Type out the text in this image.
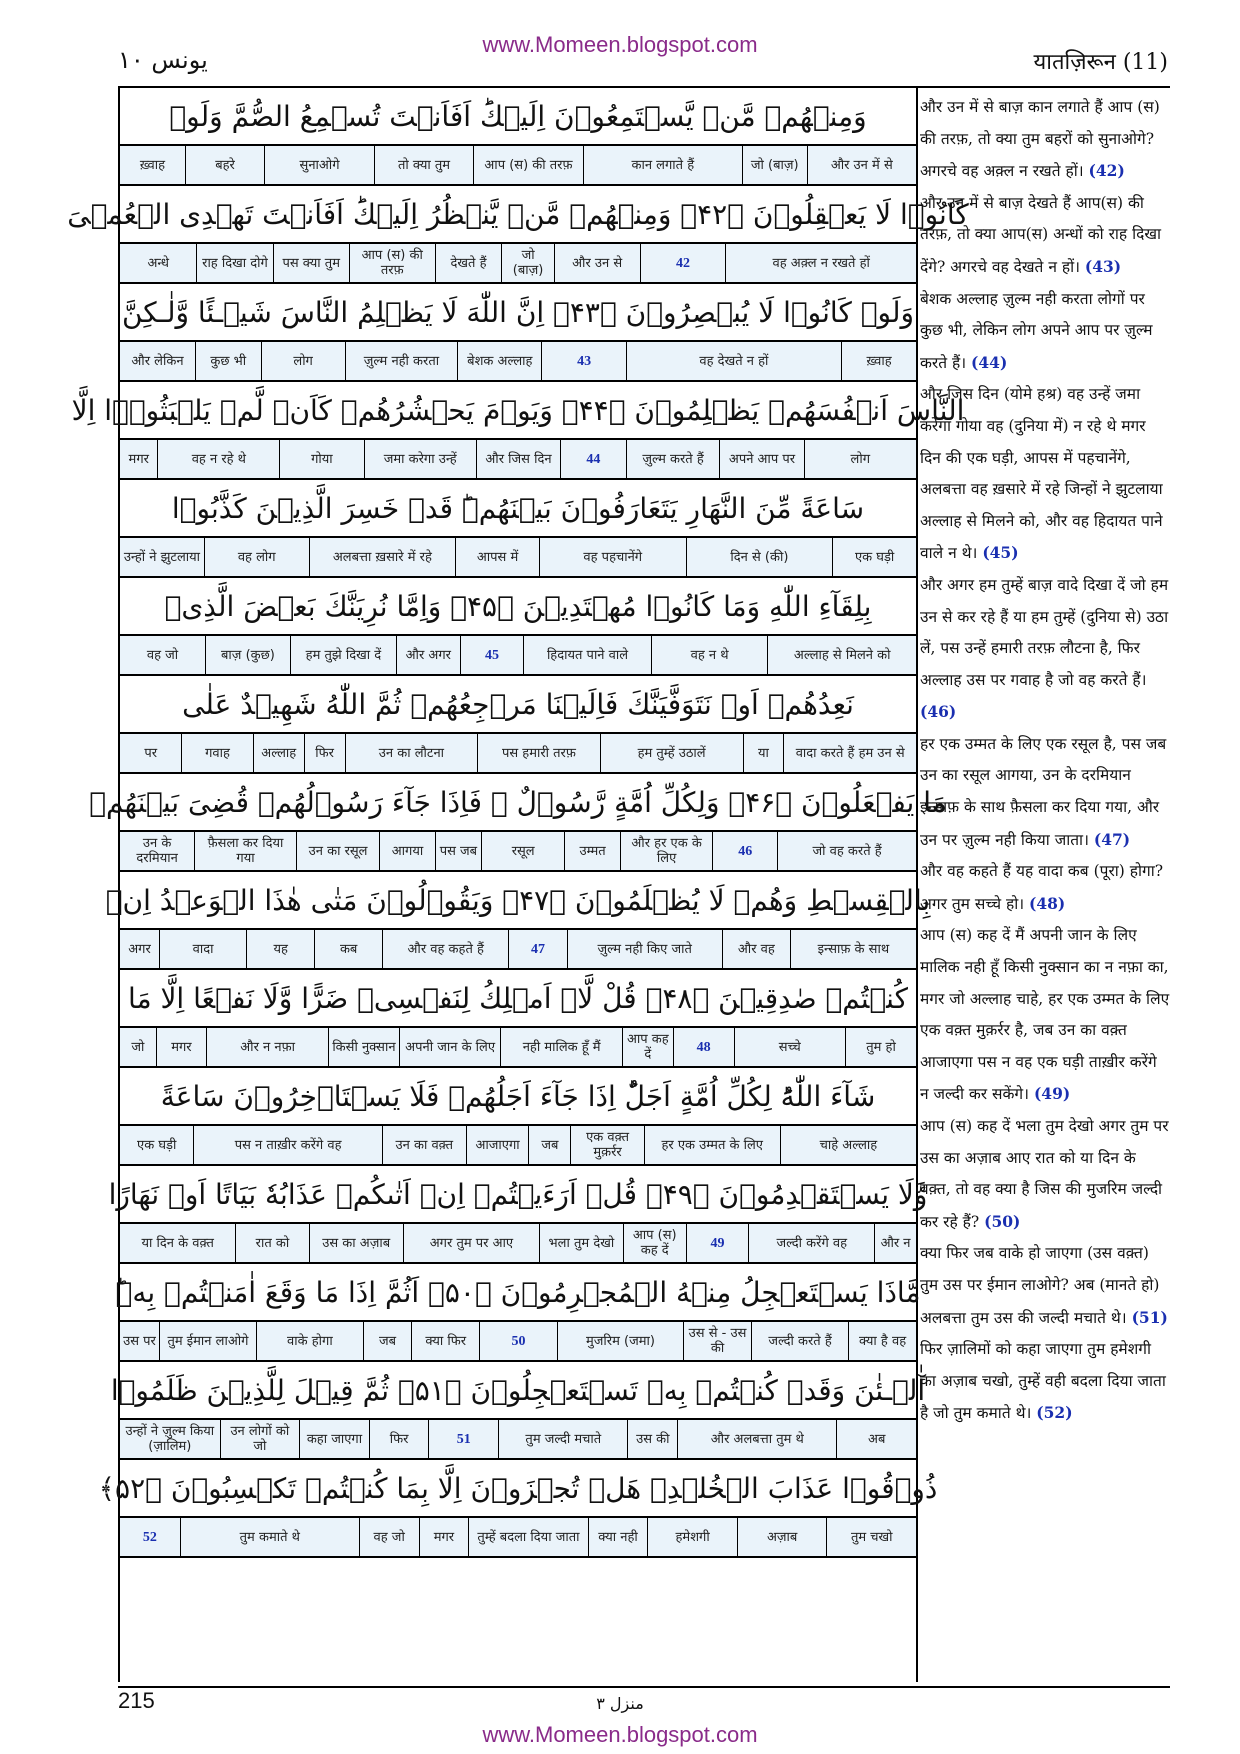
www.Momeen.blogspot.com
يونس ١٠	यातज़िरून (11)
وَمِنۡهُمۡ مَّنۡ يَّسۡتَمِعُوۡنَ اِلَيۡكَ‌ؕ اَفَاَنۡتَ تُسۡمِعُ الصُّمَّ وَلَوۡ
और उन में से
जो (बाज़)
कान लगाते हैं
आप (स) की तरफ़
तो क्या तुम
सुनाओगे
बहरे
ख़्वाह
كَانُوۡا لَا يَعۡقِلُوۡنَ ﴿۴۲﴾ وَمِنۡهُمۡ مَّنۡ يَّنۡظُرُ اِلَيۡكَ‌ؕ اَفَاَنۡتَ تَهۡدِى الۡعُمۡىَ
वह अक़्ल न रखते हों
42
और उन से
जो (बाज़)
देखते हैं
आप (स) की तरफ़
पस क्या तुम
राह दिखा दोगे
अन्धे
وَلَوۡ كَانُوۡا لَا يُبۡصِرُوۡنَ ﴿۴۳﴾ اِنَّ اللّٰهَ لَا يَظۡلِمُ النَّاسَ شَيۡـئًا وَّلٰـكِنَّ
ख़्वाह
वह देखते न हों
43
बेशक अल्लाह
ज़ुल्म नही करता
लोग
कुछ भी
और लेकिन
النَّاسَ اَنۡفُسَهُمۡ يَظۡلِمُوۡنَ ﴿۴۴﴾ وَيَوۡمَ يَحۡشُرُهُمۡ كَاَنۡ لَّمۡ يَلۡبَثُوۡۤا اِلَّا
लोग
अपने आप पर
ज़ुल्म करते हैं
44
और जिस दिन
जमा करेगा उन्हें
गोया
वह न रहे थे
मगर
سَاعَةً مِّنَ النَّهَارِ يَتَعَارَفُوۡنَ بَيۡنَهُمۡ‌ؕ قَدۡ خَسِرَ الَّذِيۡنَ كَذَّبُوۡا
एक घड़ी
दिन से (की)
वह पहचानेंगे
आपस में
अलबत्ता ख़सारे में रहे
वह लोग
उन्हों ने झुटलाया
بِلِقَآءِ اللّٰهِ وَمَا كَانُوۡا مُهۡتَدِيۡنَ ﴿۴۵﴾ وَاِمَّا نُرِيَنَّكَ بَعۡضَ الَّذِىۡ
अल्लाह से मिलने को
वह न थे
हिदायत पाने वाले
45
और अगर
हम तुझे दिखा दें
बाज़ (कुछ)
वह जो
نَعِدُهُمۡ اَوۡ نَتَوَفَّيَنَّكَ فَاِلَيۡنَا مَرۡجِعُهُمۡ ثُمَّ اللّٰهُ شَهِيۡدٌ عَلٰى
वादा करते हैं हम उन से
या
हम तुम्हें उठालें
पस हमारी तरफ़
उन का लौटना
फिर
अल्लाह
गवाह
पर
مَا يَفۡعَلُوۡنَ ﴿۴۶﴾ وَلِكُلِّ اُمَّةٍ رَّسُوۡلٌ‌ ۚ فَاِذَا جَآءَ رَسُوۡلُهُمۡ قُضِىَ بَيۡنَهُمۡ
जो वह करते हैं
46
और हर एक के लिए
उम्मत
रसूल
पस जब
आगया
उन का रसूल
फ़ैसला कर दिया गया
उन के दरमियान
بِالۡقِسۡطِ وَهُمۡ لَا يُظۡلَمُوۡنَ ﴿۴۷﴾ وَيَقُوۡلُوۡنَ مَتٰى هٰذَا الۡوَعۡدُ اِنۡ
इन्साफ़ के साथ
और वह
ज़ुल्म नही किए जाते
47
और वह कहते हैं
कब
यह
वादा
अगर
كُنۡتُمۡ صٰدِقِيۡنَ ﴿۴۸﴾ قُلْ لَّاۤ اَمۡلِكُ لِنَفۡسِىۡ ضَرًّا وَّلَا نَفۡعًا اِلَّا مَا
तुम हो
सच्चे
48
आप कह दें
नही मालिक हूँ मैं
अपनी जान के लिए
किसी नुक्सान
और न नफ़ा
मगर
जो
شَآءَ اللّٰهُ‌ؕ لِكُلِّ اُمَّةٍ اَجَلٌ‌ؕ اِذَا جَآءَ اَجَلُهُمۡ فَلَا يَسۡتَاۡخِرُوۡنَ سَاعَةً
चाहे अल्लाह
हर एक उम्मत के लिए
एक वक़्त मुक़र्रर
जब
आजाएगा
उन का वक़्त
पस न ताख़ीर करेंगे वह
एक घड़ी
وَّلَا يَسۡتَقۡدِمُوۡنَ ﴿۴۹﴾ قُلۡ اَرَءَيۡتُمۡ اِنۡ اَتٰٮكُمۡ عَذَابُهٗ بَيَاتًا اَوۡ نَهَارًا
और न
जल्दी करेंगे वह
49
आप (स) कह दें
भला तुम देखो
अगर तुम पर आए
उस का अज़ाब
रात को
या दिन के वक़्त
مَّاذَا يَسۡتَعۡجِلُ مِنۡهُ الۡمُجۡرِمُوۡنَ ﴿۵۰﴾ اَثُمَّ اِذَا مَا وَقَعَ اٰمَنۡتُمۡ بِهٖ‌ؕ
क्या है वह
जल्दी करते हैं
उस से - उस की
मुजरिम (जमा)
50
क्या फिर
जब
वाके होगा
तुम ईमान लाओगे
उस पर
آٰلۡـئٰنَ وَقَدۡ كُنۡتُمۡ بِهٖ تَسۡتَعۡجِلُوۡنَ ﴿۵۱﴾ ثُمَّ قِيۡلَ لِلَّذِيۡنَ ظَلَمُوۡا
अब
और अलबत्ता तुम थे
उस की
तुम जल्दी मचाते
51
फिर
कहा जाएगा
उन लोगों को जो
उन्हों ने ज़ुल्म किया (ज़ालिम)
ذُوۡقُوۡا عَذَابَ الۡخُلۡدِ‌ۚ هَلۡ تُجۡزَوۡنَ اِلَّا بِمَا كُنۡتُمۡ تَكۡسِبُوۡنَ ﴿۵۲﴾
तुम चखो
अज़ाब
हमेशगी
क्या नही
तुम्हें बदला दिया जाता
मगर
वह जो
तुम कमाते थे
52
और उन में से बाज़ कान लगाते हैं आप (स) की तरफ़, तो क्या तुम बहरों को सुनाओगे? अगरचे वह अक़्ल न रखते हों। (42)
और उन में से बाज़ देखते हैं आप(स) की तरफ़, तो क्या आप(स) अन्धों को राह दिखा देंगे? अगरचे वह देखते न हों। (43)
बेशक अल्लाह ज़ुल्म नही करता लोगों पर कुछ भी, लेकिन लोग अपने आप पर ज़ुल्म करते हैं। (44)
और जिस दिन (योमे हश्र) वह उन्हें जमा करेगा गोया वह (दुनिया में) न रहे थे मगर दिन की एक घड़ी, आपस में पहचानेंगे, अलबत्ता वह ख़सारे में रहे जिन्हों ने झुटलाया अल्लाह से मिलने को, और वह हिदायत पाने वाले न थे। (45)
और अगर हम तुम्हें बाज़ वादे दिखा दें जो हम उन से कर रहे हैं या हम तुम्हें (दुनिया से) उठा लें, पस उन्हें हमारी तरफ़ लौटना है, फिर अल्लाह उस पर गवाह है जो वह करते हैं। (46)
हर एक उम्मत के लिए एक रसूल है, पस जब उन का रसूल आगया, उन के दरमियान इन्साफ़ के साथ फ़ैसला कर दिया गया, और उन पर ज़ुल्म नही किया जाता। (47)
और वह कहते हैं यह वादा कब (पूरा) होगा? अगर तुम सच्चे हो। (48)
आप (स) कह दें मैं अपनी जान के लिए मालिक नही हूँ किसी नुक्सान का न नफ़ा का, मगर जो अल्लाह चाहे, हर एक उम्मत के लिए एक वक़्त मुक़र्रर है, जब उन का वक़्त आजाएगा पस न वह एक घड़ी ताख़ीर करेंगे न जल्दी कर सकेंगे। (49)
आप (स) कह दें भला तुम देखो अगर तुम पर उस का अज़ाब आए रात को या दिन के वक़्त, तो वह क्या है जिस की मुजरिम जल्दी कर रहे हैं? (50)
क्या फिर जब वाके हो जाएगा (उस वक़्त) तुम उस पर ईमान लाओगे? अब (मानते हो) अलबत्ता तुम उस की जल्दी मचाते थे। (51)
फिर ज़ालिमों को कहा जाएगा तुम हमेशगी का अज़ाब चखो, तुम्हें वही बदला दिया जाता है जो तुम कमाते थे। (52)

215	منزل ٣
www.Momeen.blogspot.com
